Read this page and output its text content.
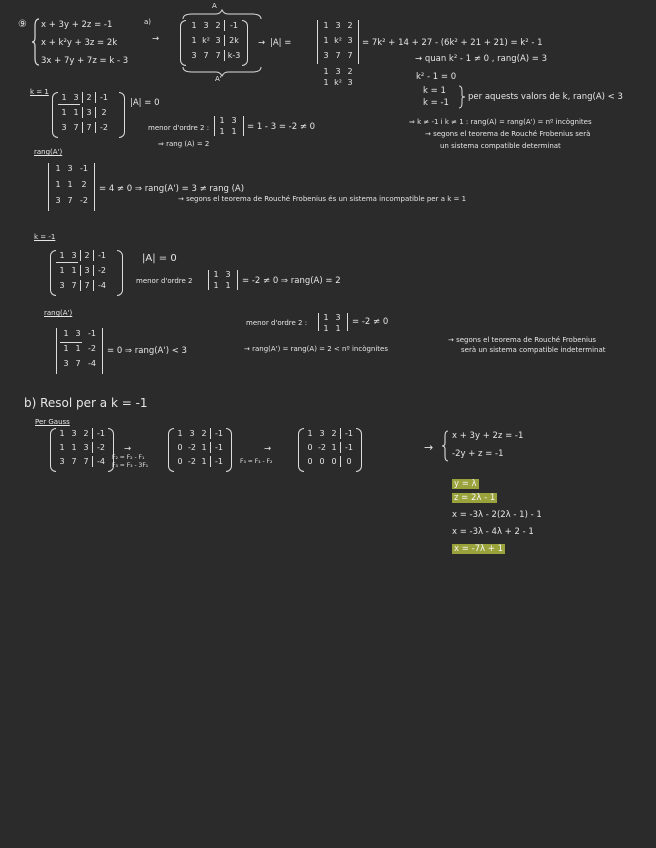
⑨ x + 3y + 2z = -1
x + k²y + 3z = 2k
3x + 7y + 7z = k - 3
a)
→
A
1 3 2	-1
1 k² 3	2k
3 7 7 k-3
A'
→ |A| =
1 3 2
1 k² 3
3 7 7
1 3 2
1 k² 3
= 7k² + 14 + 27 - (6k² + 21 + 21) = k² - 1
→ quan k² - 1 ≠ 0 , rang(A) = 3
k² - 1 = 0
k = 1
k = -1
per aquests valors de k, rang(A) < 3
⇒ k ≠ -1 i k ≠ 1 : rang(A) = rang(A') = nº incògnites
→ segons el teorema de Rouché Frobenius serà
un sistema compatible determinat
k = 1
1 3 2	-1
1 1 3	2
3 7 7	-2
|A| = 0
menor d'ordre 2 :
1 3
1 1	= 1 - 3 = -2 ≠ 0
⇒ rang (A) = 2
rang(A')
1 3 -1
1 1	2
3 7 -2
= 4 ≠ 0 ⇒ rang(A') = 3 ≠ rang (A)
→ segons el teorema de Rouché Frobenius és un sistema incompatible per a k = 1
k = -1
1 3 2	-1
1 1 3	-2
3 7 7	-4
|A| = 0
menor d'ordre 2
1 3
1 1	= -2 ≠ 0 ⇒ rang(A) = 2
rang(A')
menor d'ordre 2 :
1 3
1 1
= -2 ≠ 0
1 3 -1
1 1 -2
3 7 -4
= 0 ⇒ rang(A') < 3	→ rang(A') = rang(A) = 2 < nº incògnites
→ segons el teorema de Rouché Frobenius
serà un sistema compatible indeterminat
b) Resol per a k = -1
Per Gauss
1 3 2	-1
1 1 3	-2
3 7 7	-4
→
F₂ = F₂ - F₁
F₃ = F₃ - 3F₁
1 3 2	-1
0 -2 1	-1
0 -2 1	-1
→
F₃ = F₃ - F₂
1 3 2	-1
0 -2 1	-1
0 0 0	0
→
x + 3y + 2z = -1
-2y + z = -1
y = λ
z = 2λ - 1
x = -3λ - 2(2λ - 1) - 1
x = -3λ - 4λ + 2 - 1
x = -7λ + 1
